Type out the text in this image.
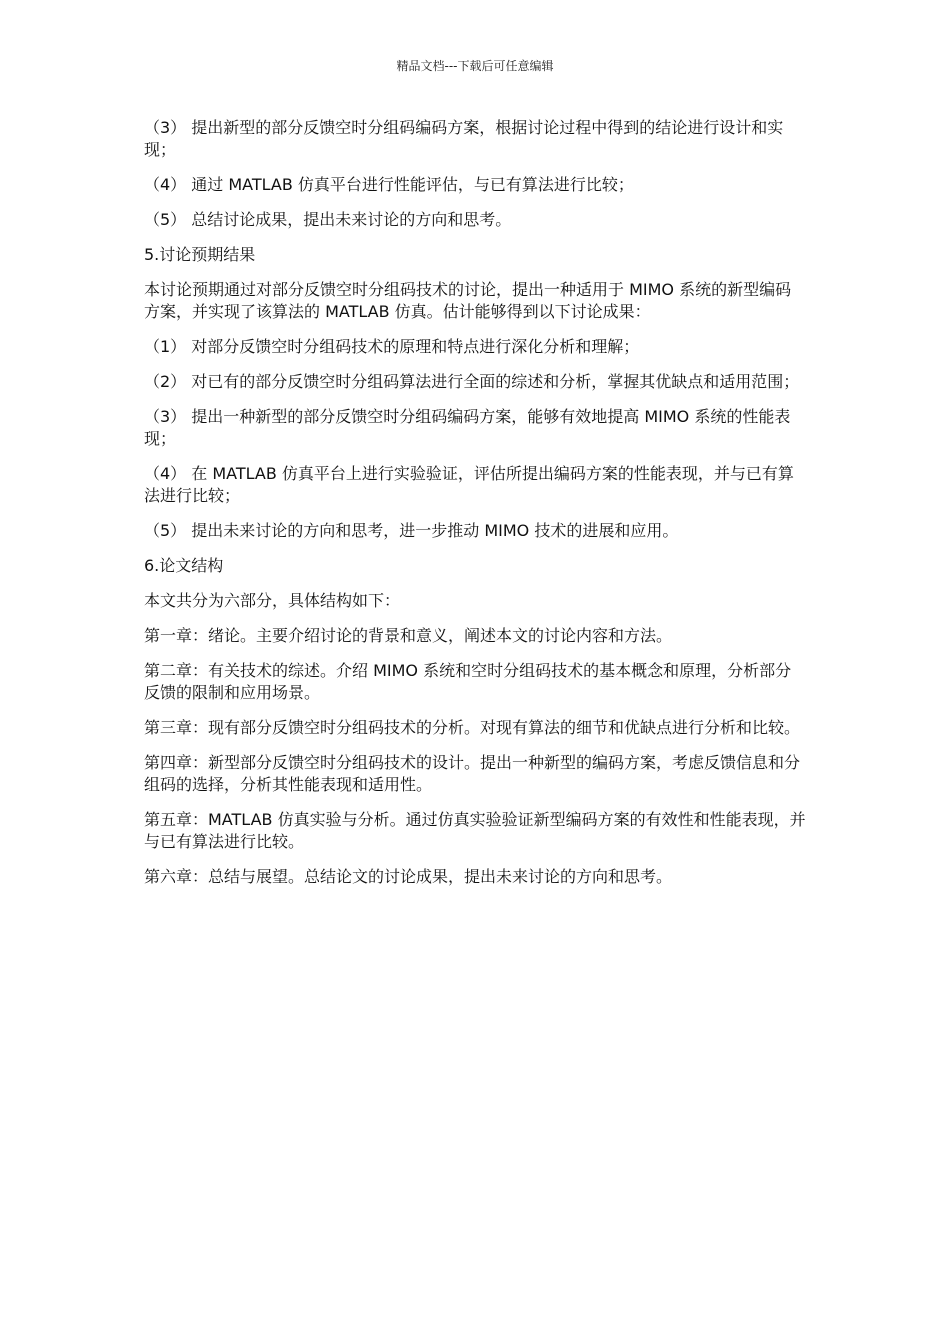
精品文档---下载后可任意编辑

（3） 提出新型的部分反馈空时分组码编码方案，根据讨论过程中得到的结论进行设计和实现；

（4） 通过 MATLAB 仿真平台进行性能评估，与已有算法进行比较；

（5） 总结讨论成果，提出未来讨论的方向和思考。

5.讨论预期结果

本讨论预期通过对部分反馈空时分组码技术的讨论，提出一种适用于 MIMO 系统的新型编码方案，并实现了该算法的 MATLAB 仿真。估计能够得到以下讨论成果：

（1） 对部分反馈空时分组码技术的原理和特点进行深化分析和理解；

（2） 对已有的部分反馈空时分组码算法进行全面的综述和分析，掌握其优缺点和适用范围；

（3） 提出一种新型的部分反馈空时分组码编码方案，能够有效地提高 MIMO 系统的性能表现；

（4） 在 MATLAB 仿真平台上进行实验验证，评估所提出编码方案的性能表现，并与已有算法进行比较；

（5） 提出未来讨论的方向和思考，进一步推动 MIMO 技术的进展和应用。

6.论文结构

本文共分为六部分，具体结构如下：

第一章：绪论。主要介绍讨论的背景和意义，阐述本文的讨论内容和方法。

第二章：有关技术的综述。介绍 MIMO 系统和空时分组码技术的基本概念和原理，分析部分反馈的限制和应用场景。

第三章：现有部分反馈空时分组码技术的分析。对现有算法的细节和优缺点进行分析和比较。

第四章：新型部分反馈空时分组码技术的设计。提出一种新型的编码方案，考虑反馈信息和分组码的选择，分析其性能表现和适用性。

第五章：MATLAB 仿真实验与分析。通过仿真实验验证新型编码方案的有效性和性能表现，并与已有算法进行比较。

第六章：总结与展望。总结论文的讨论成果，提出未来讨论的方向和思考。
